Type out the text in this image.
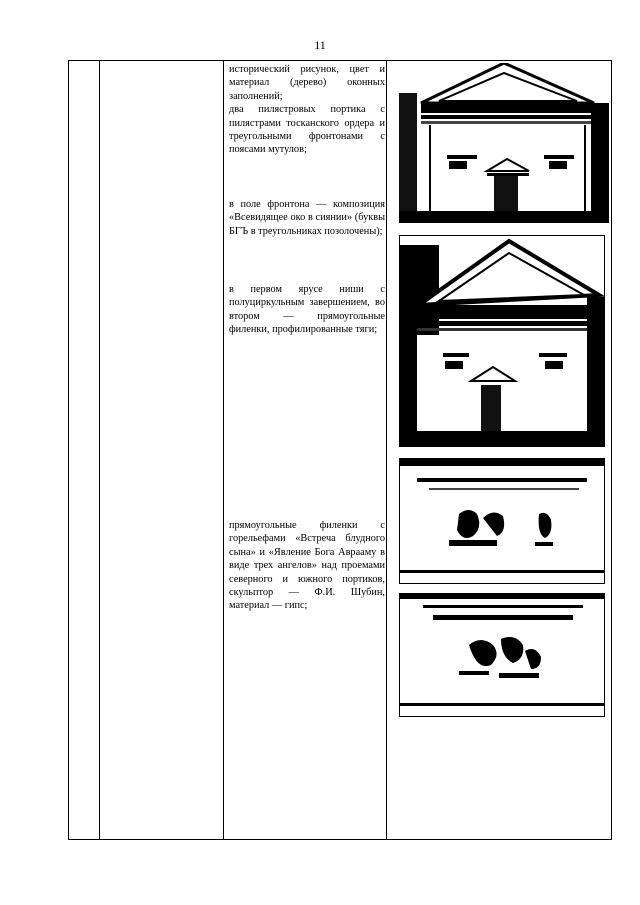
11

исторический рисунок, цвет и материал (дерево) оконных заполнений;

два пилястровых портика с пилястрами тосканского ордера и треугольными фронтонами с поясами мутулов;

в поле фронтона — композиция «Всевидящее око в сиянии» (буквы БГЪ в треугольниках позолочены);

в первом ярусе ниши с полуциркульным завершением, во втором — прямоугольные филенки, профилированные тяги;

прямоугольные филенки с горельефами «Встреча блудного сына» и «Явление Бога Аврааму в виде трех ангелов» над проемами северного и южного портиков, скульптор — Ф.И. Шубин, материал — гипс;
